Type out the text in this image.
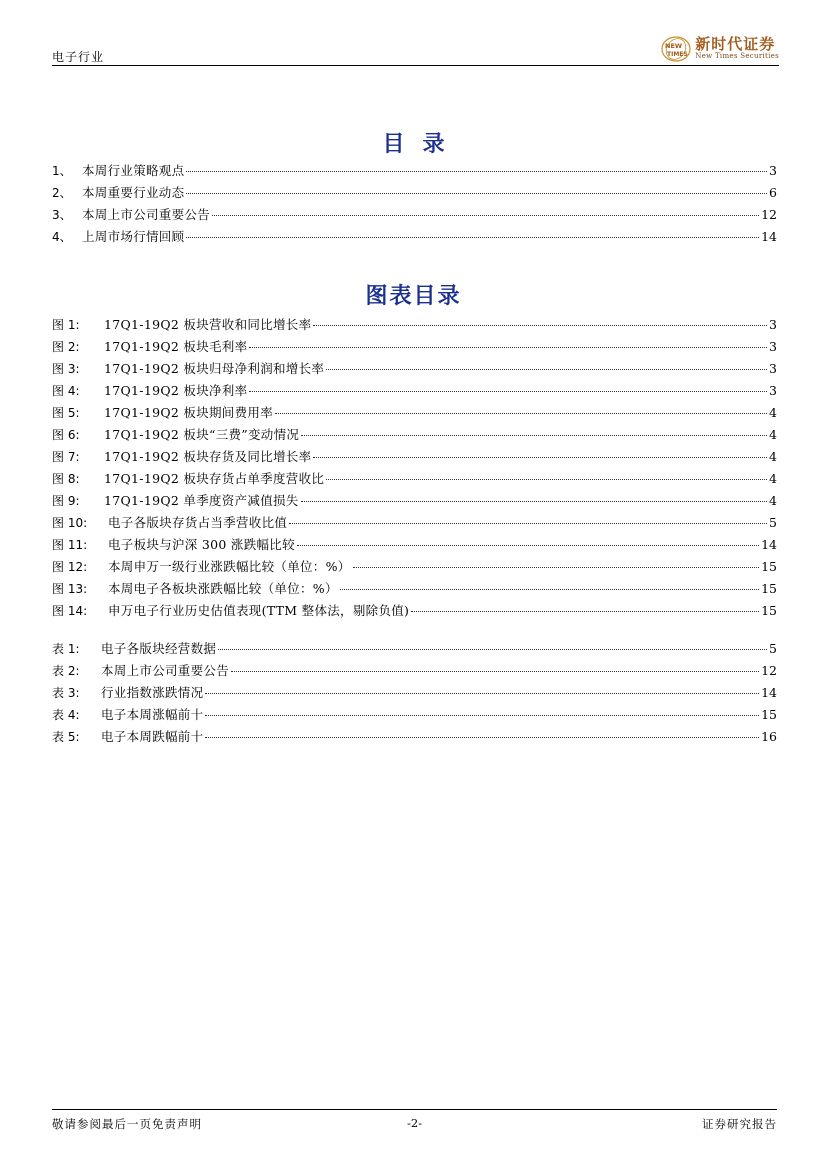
电子行业
NEW
TIMES
新时代证券
New Times Securities
目录
1、 本周行业策略观点	3
2、 本周重要行业动态	6
3、 本周上市公司重要公告	12
4、 上周市场行情回顾	14
图表目录
图 1:	17Q1-19Q2 板块营收和同比增长率	3
图 2:	17Q1-19Q2 板块毛利率	3
图 3:	17Q1-19Q2 板块归母净利润和增长率	3
图 4:	17Q1-19Q2 板块净利率	3
图 5:	17Q1-19Q2 板块期间费用率	4
图 6:	17Q1-19Q2 板块“三费”变动情况	4
图 7:	17Q1-19Q2 板块存货及同比增长率	4
图 8:	17Q1-19Q2 板块存货占单季度营收比	4
图 9:	17Q1-19Q2 单季度资产减值损失	4
图 10:	电子各版块存货占当季营收比值	5
图 11:	电子板块与沪深 300 涨跌幅比较	14
图 12:	本周申万一级行业涨跌幅比较（单位：%）	15
图 13:	本周电子各板块涨跌幅比较（单位：%）	15
图 14:	申万电子行业历史估值表现(TTM 整体法，剔除负值)	15
表 1:	电子各版块经营数据	5
表 2:	本周上市公司重要公告	12
表 3:	行业指数涨跌情况	14
表 4:	电子本周涨幅前十	15
表 5:	电子本周跌幅前十	16
敬请参阅最后一页免责声明	-2-	证券研究报告
